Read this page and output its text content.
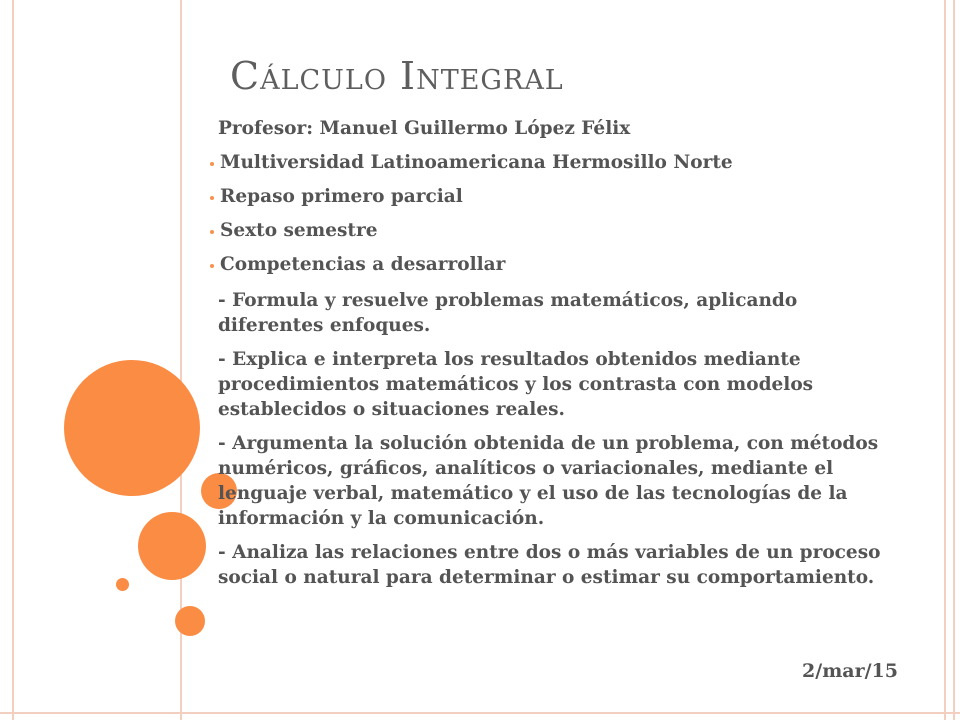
Cálculo Integral

Profesor: Manuel Guillermo López Félix

Multiversidad Latinoamericana Hermosillo Norte

Repaso primero parcial

Sexto semestre

Competencias a desarrollar

- Formula y resuelve problemas matemáticos, aplicando diferentes enfoques.

- Explica e interpreta los resultados obtenidos mediante procedimientos matemáticos y los contrasta con modelos establecidos o situaciones reales.

- Argumenta la solución obtenida de un problema, con métodos numéricos, gráficos, analíticos o variacionales, mediante el lenguaje verbal, matemático y el uso de las tecnologías de la información y la comunicación.

- Analiza las relaciones entre dos o más variables de un proceso social o natural para determinar o estimar su comportamiento.

2/mar/15
